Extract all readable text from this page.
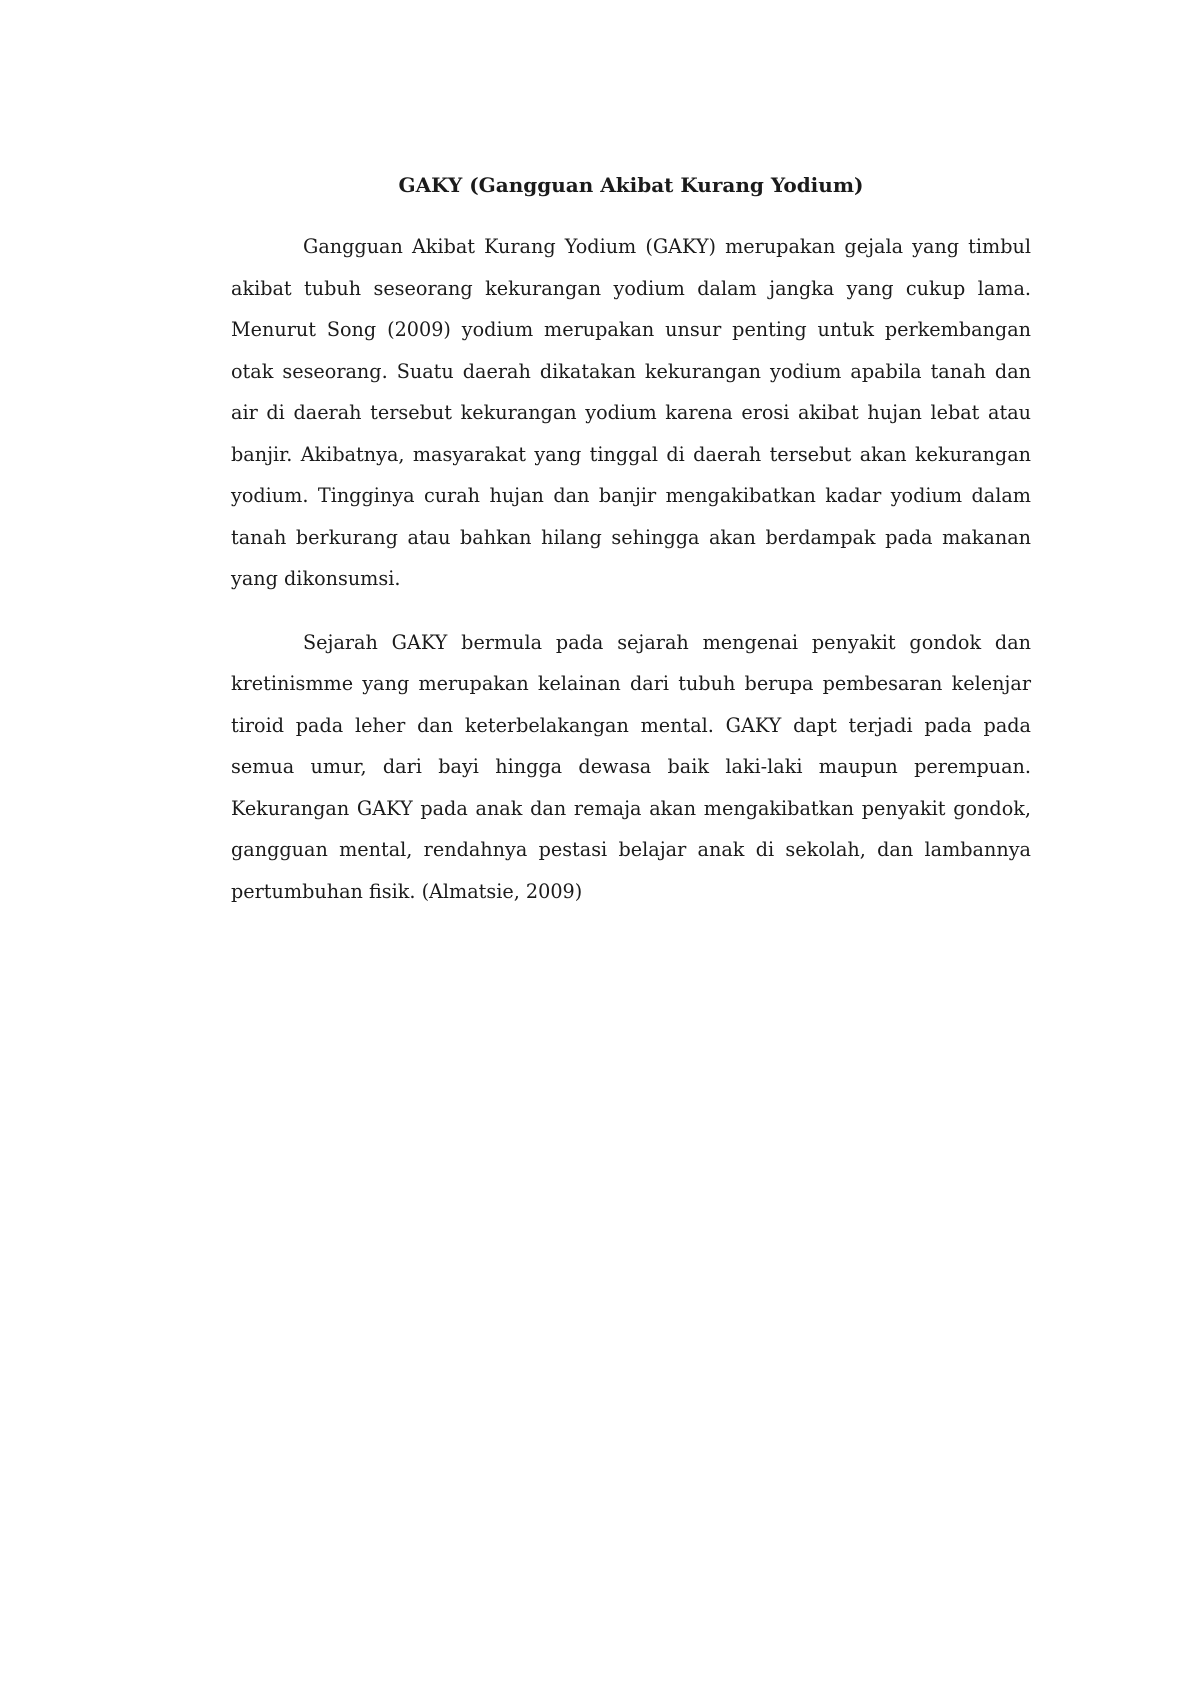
GAKY (Gangguan Akibat Kurang Yodium)

Gangguan Akibat Kurang Yodium (GAKY) merupakan gejala yang timbul akibat tubuh seseorang kekurangan yodium dalam jangka yang cukup lama. Menurut Song (2009) yodium merupakan unsur penting untuk perkembangan otak seseorang. Suatu daerah dikatakan kekurangan yodium apabila tanah dan air di daerah tersebut kekurangan yodium karena erosi akibat hujan lebat atau banjir. Akibatnya, masyarakat yang tinggal di daerah tersebut akan kekurangan yodium. Tingginya curah hujan dan banjir mengakibatkan kadar yodium dalam tanah berkurang atau bahkan hilang sehingga akan berdampak pada makanan yang dikonsumsi.

Sejarah GAKY bermula pada sejarah mengenai penyakit gondok dan kretinismme yang merupakan kelainan dari tubuh berupa pembesaran kelenjar tiroid pada leher dan keterbelakangan mental. GAKY dapt terjadi pada pada semua umur, dari bayi hingga dewasa baik laki-laki maupun perempuan. Kekurangan GAKY pada anak dan remaja akan mengakibatkan penyakit gondok, gangguan mental, rendahnya pestasi belajar anak di sekolah, dan lambannya pertumbuhan fisik. (Almatsie, 2009)
